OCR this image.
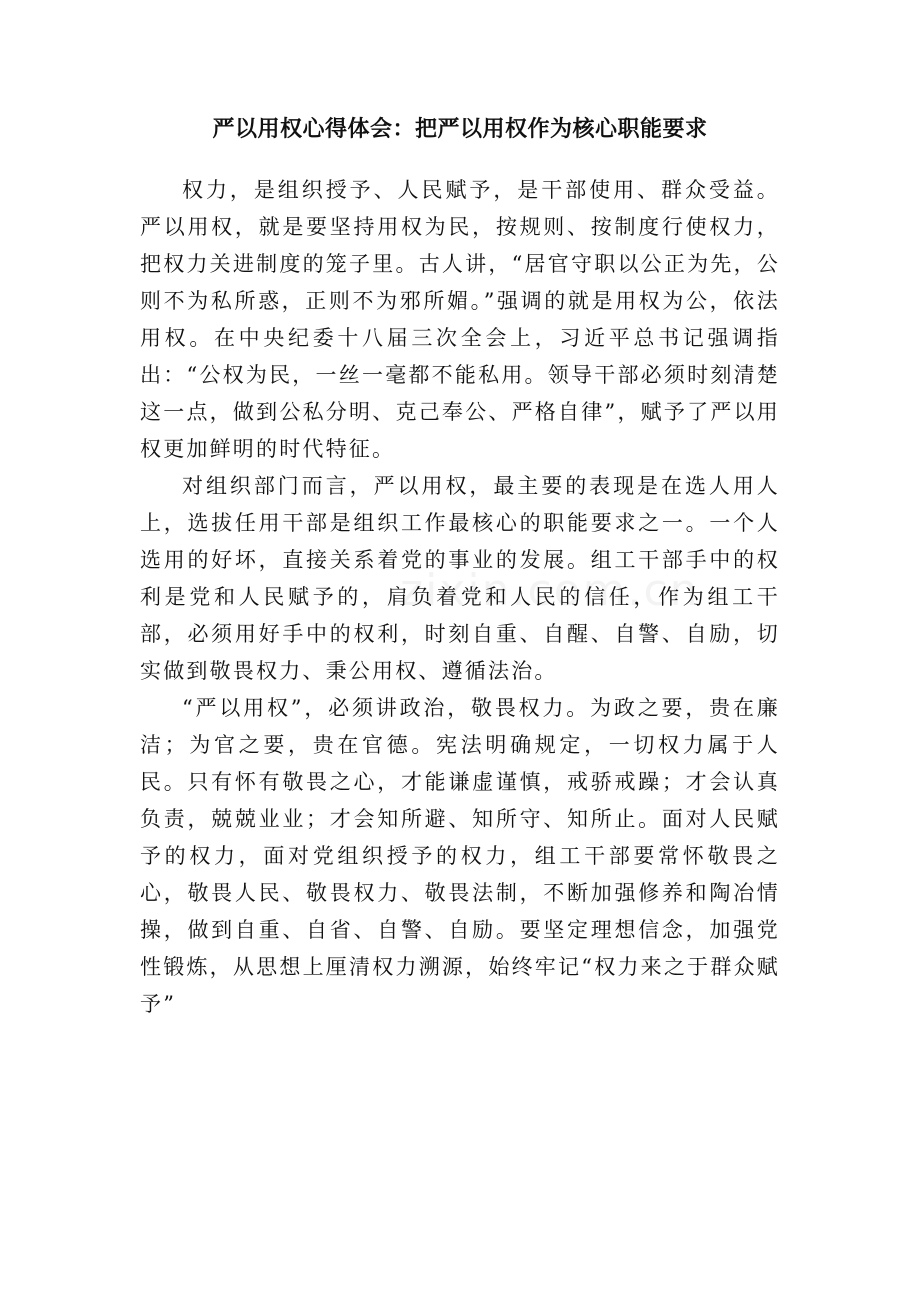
严以用权心得体会：把严以用权作为核心职能要求

权力，是组织授予、人民赋予，是干部使用、群众受益。严以用权，就是要坚持用权为民，按规则、按制度行使权力，把权力关进制度的笼子里。古人讲，“居官守职以公正为先，公则不为私所惑，正则不为邪所媚。”强调的就是用权为公，依法用权。在中央纪委十八届三次全会上，习近平总书记强调指出：“公权为民，一丝一毫都不能私用。领导干部必须时刻清楚这一点，做到公私分明、克己奉公、严格自律”，赋予了严以用权更加鲜明的时代特征。

对组织部门而言，严以用权，最主要的表现是在选人用人上，选拔任用干部是组织工作最核心的职能要求之一。一个人选用的好坏，直接关系着党的事业的发展。组工干部手中的权利是党和人民赋予的，肩负着党和人民的信任，作为组工干部，必须用好手中的权利，时刻自重、自醒、自警、自励，切实做到敬畏权力、秉公用权、遵循法治。

“严以用权”，必须讲政治，敬畏权力。为政之要，贵在廉洁；为官之要，贵在官德。宪法明确规定，一切权力属于人民。只有怀有敬畏之心，才能谦虚谨慎，戒骄戒躁；才会认真负责，兢兢业业；才会知所避、知所守、知所止。面对人民赋予的权力，面对党组织授予的权力，组工干部要常怀敬畏之心，敬畏人民、敬畏权力、敬畏法制，不断加强修养和陶冶情操，做到自重、自省、自警、自励。要坚定理想信念，加强党性锻炼，从思想上厘清权力溯源，始终牢记“权力来之于群众赋予”
